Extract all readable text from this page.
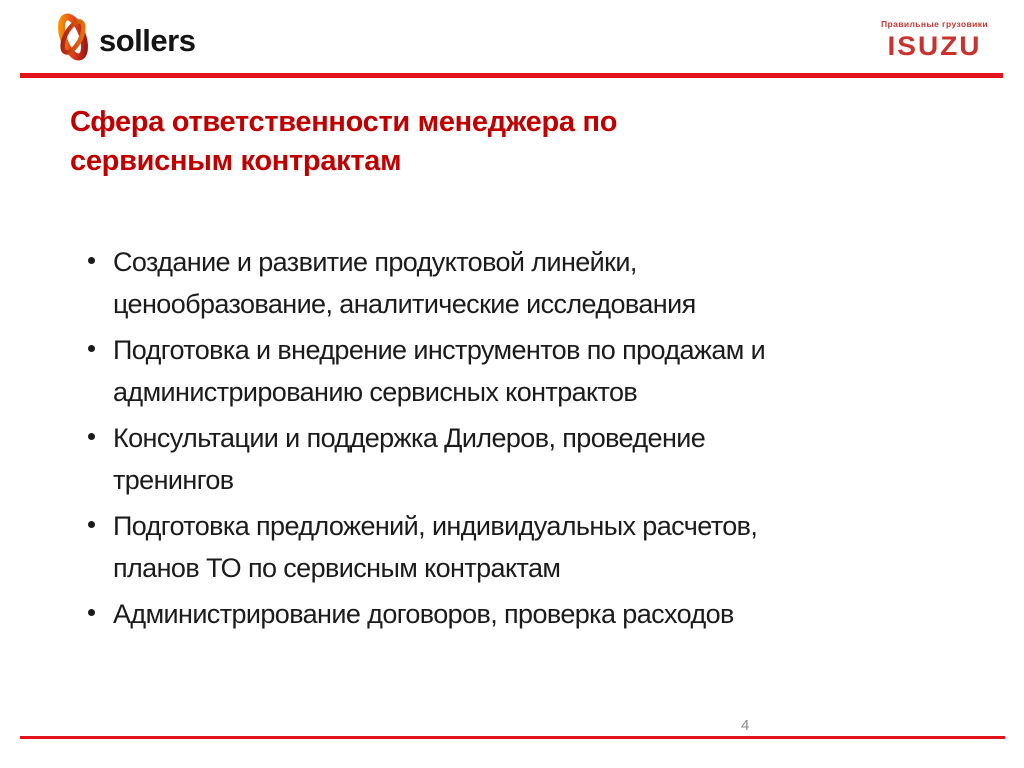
sollers	Правильные грузовики
ISUZU
Сфера ответственности менеджера по
сервисным контрактам
Создание и развитие продуктовой линейки,
ценообразование, аналитические исследования
Подготовка и внедрение инструментов по продажам и
администрированию сервисных контрактов
Консультации и поддержка Дилеров, проведение
тренингов
Подготовка предложений, индивидуальных расчетов,
планов ТО по сервисным контрактам
Администрирование договоров, проверка расходов
4
